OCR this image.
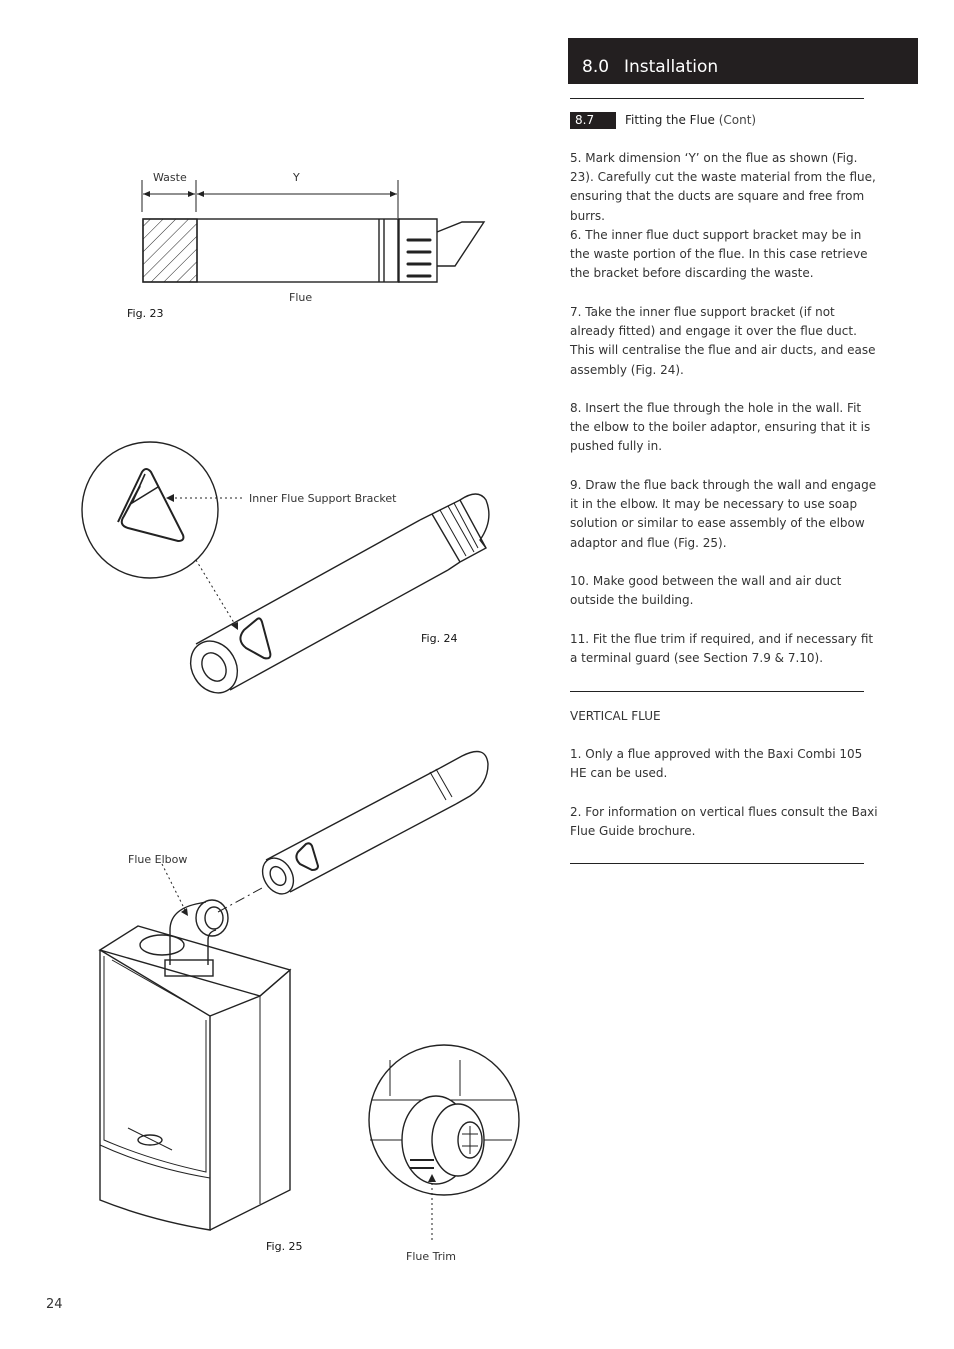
Waste	Y
Flue
Fig. 23
Inner Flue Support Bracket
Fig. 24
Flue Elbow
Fig. 25
Flue Trim
8.0 Installation
8.7	Fitting the Flue (Cont)

5. Mark dimension ‘Y’ on the flue as shown (Fig. 23). Carefully cut the waste material from the flue, ensuring that the ducts are square and free from burrs.

6. The inner flue duct support bracket may be in the waste portion of the flue. In this case retrieve the bracket before discarding the waste.

7. Take the inner flue support bracket (if not already fitted) and engage it over the flue duct. This will centralise the flue and air ducts, and ease assembly (Fig. 24).

8. Insert the flue through the hole in the wall. Fit the elbow to the boiler adaptor, ensuring that it is pushed fully in.

9. Draw the flue back through the wall and engage it in the elbow. It may be necessary to use soap solution or similar to ease assembly of the elbow adaptor and flue (Fig. 25).

10. Make good between the wall and air duct outside the building.

11. Fit the flue trim if required, and if necessary fit a terminal guard (see Section 7.9 & 7.10).

VERTICAL FLUE

1. Only a flue approved with the Baxi Combi 105 HE can be used.

2. For information on vertical flues consult the Baxi Flue Guide brochure.

24
